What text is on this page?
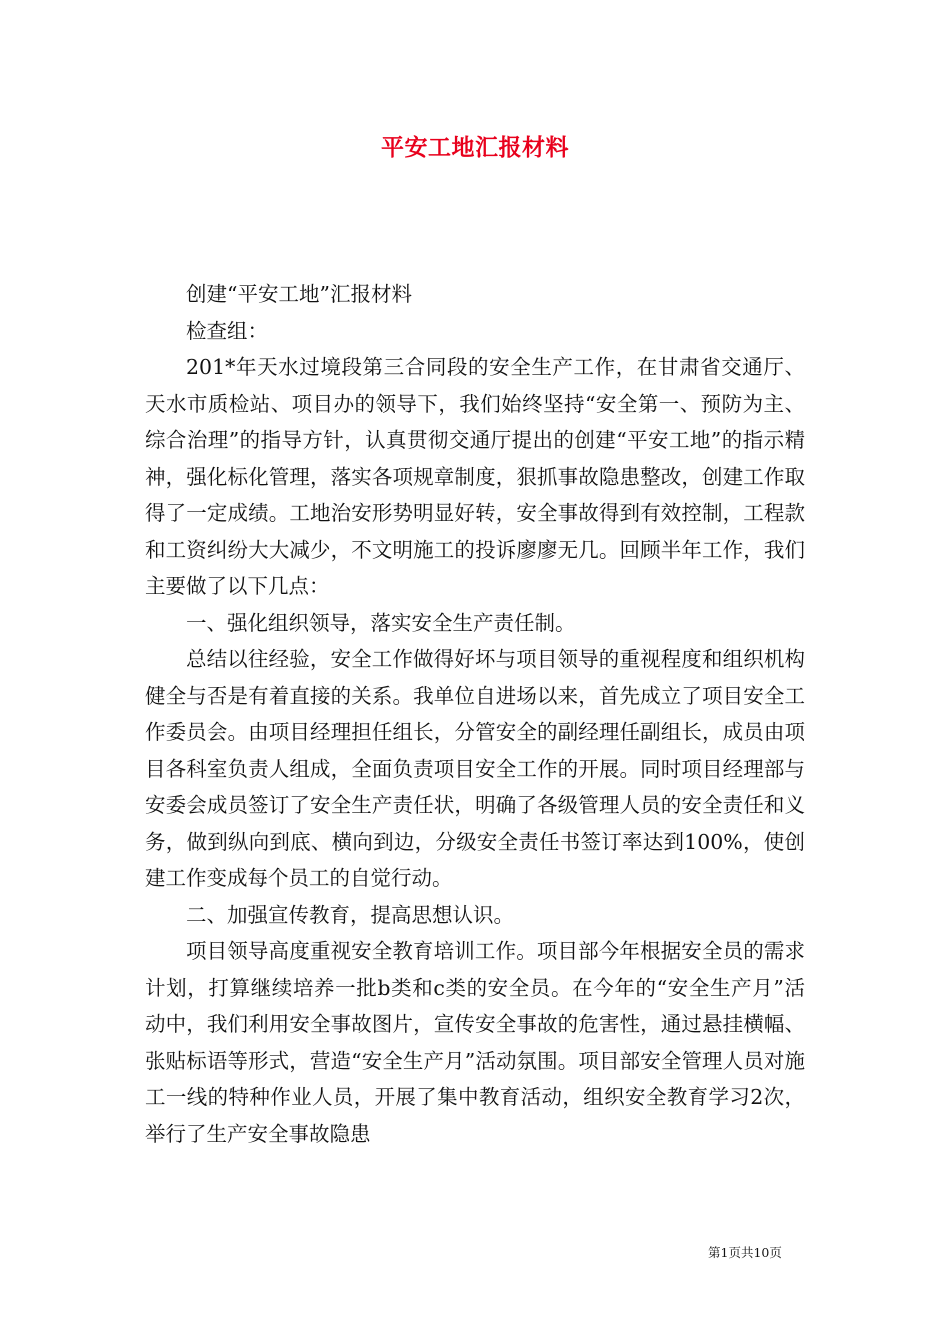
平安工地汇报材料

创建“平安工地”汇报材料

检查组：

201*年天水过境段第三合同段的安全生产工作，在甘肃省交通厅、天水市质检站、项目办的领导下，我们始终坚持“安全第一、预防为主、综合治理”的指导方针，认真贯彻交通厅提出的创建“平安工地”的指示精神，强化标化管理，落实各项规章制度，狠抓事故隐患整改，创建工作取得了一定成绩。工地治安形势明显好转，安全事故得到有效控制，工程款和工资纠纷大大减少，不文明施工的投诉廖廖无几。回顾半年工作，我们主要做了以下几点：

一、强化组织领导，落实安全生产责任制。

总结以往经验，安全工作做得好坏与项目领导的重视程度和组织机构健全与否是有着直接的关系。我单位自进场以来，首先成立了项目安全工作委员会。由项目经理担任组长，分管安全的副经理任副组长，成员由项目各科室负责人组成，全面负责项目安全工作的开展。同时项目经理部与安委会成员签订了安全生产责任状，明确了各级管理人员的安全责任和义务，做到纵向到底、横向到边，分级安全责任书签订率达到100%，使创建工作变成每个员工的自觉行动。

二、加强宣传教育，提高思想认识。

项目领导高度重视安全教育培训工作。项目部今年根据安全员的需求计划，打算继续培养一批b类和c类的安全员。在今年的“安全生产月”活动中，我们利用安全事故图片，宣传安全事故的危害性，通过悬挂横幅、张贴标语等形式，营造“安全生产月”活动氛围。项目部安全管理人员对施工一线的特种作业人员，开展了集中教育活动，组织安全教育学习2次，举行了生产安全事故隐患

第1页共10页
